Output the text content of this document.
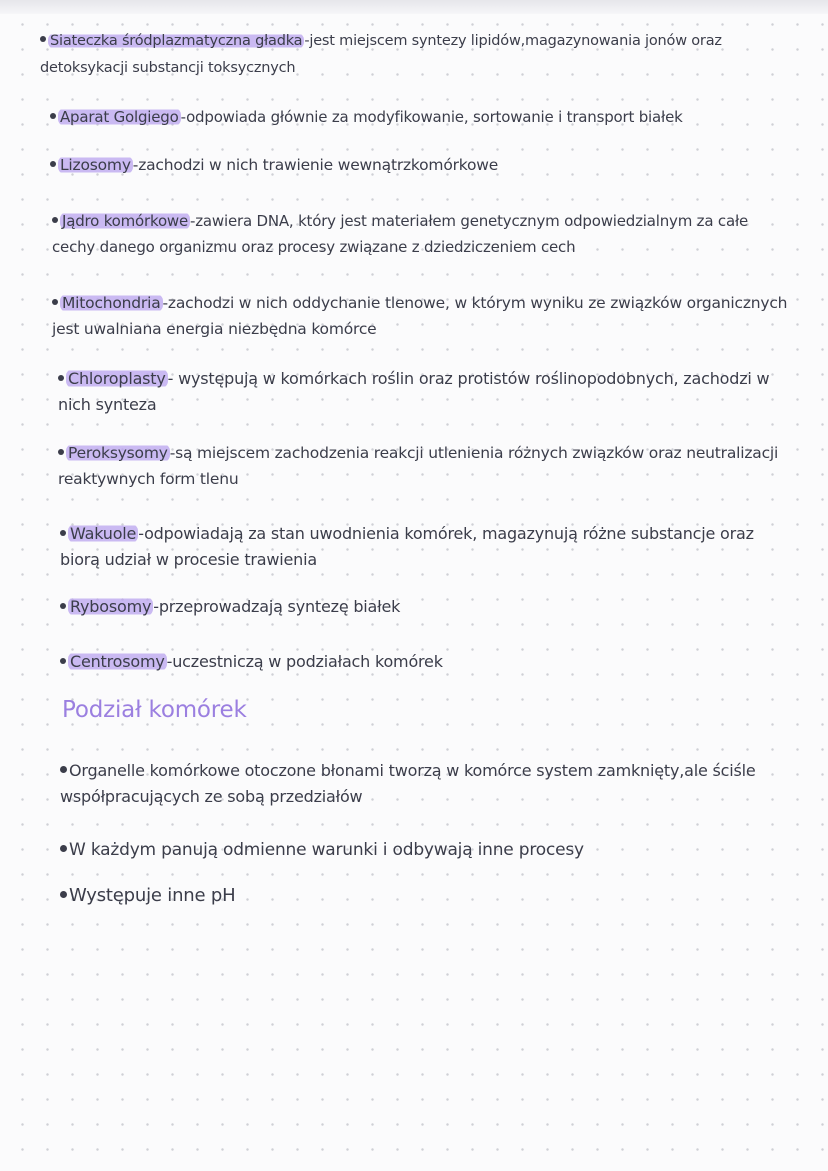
Siateczka śródplazmatyczna gładka -jest miejscem syntezy lipidów,magazynowania jonów oraz
detoksykacji substancji toksycznych
Aparat Golgiego -odpowiada głównie za modyfikowanie, sortowanie i transport białek
Lizosomy -zachodzi w nich trawienie wewnątrzkomórkowe
Jądro komórkowe -zawiera DNA, który jest materiałem genetycznym odpowiedzialnym za całe
cechy danego organizmu oraz procesy związane z dziedziczeniem cech
Mitochondria -zachodzi w nich oddychanie tlenowe, w którym wyniku ze związków organicznych
jest uwalniana energia niezbędna komórce
Chloroplasty - występują w komórkach roślin oraz protistów roślinopodobnych, zachodzi w
nich synteza
Peroksysomy -są miejscem zachodzenia reakcji utlenienia różnych związków oraz neutralizacji
reaktywnych form tlenu
Wakuole -odpowiadają za stan uwodnienia komórek, magazynują różne substancje oraz
biorą udział w procesie trawienia
Rybosomy -przeprowadzają syntezę białek
Centrosomy -uczestniczą w podziałach komórek
Podział komórek
Organelle komórkowe otoczone błonami tworzą w komórce system zamknięty,ale ściśle
współpracujących ze sobą przedziałów
W każdym panują odmienne warunki i odbywają inne procesy
Występuje inne pH
